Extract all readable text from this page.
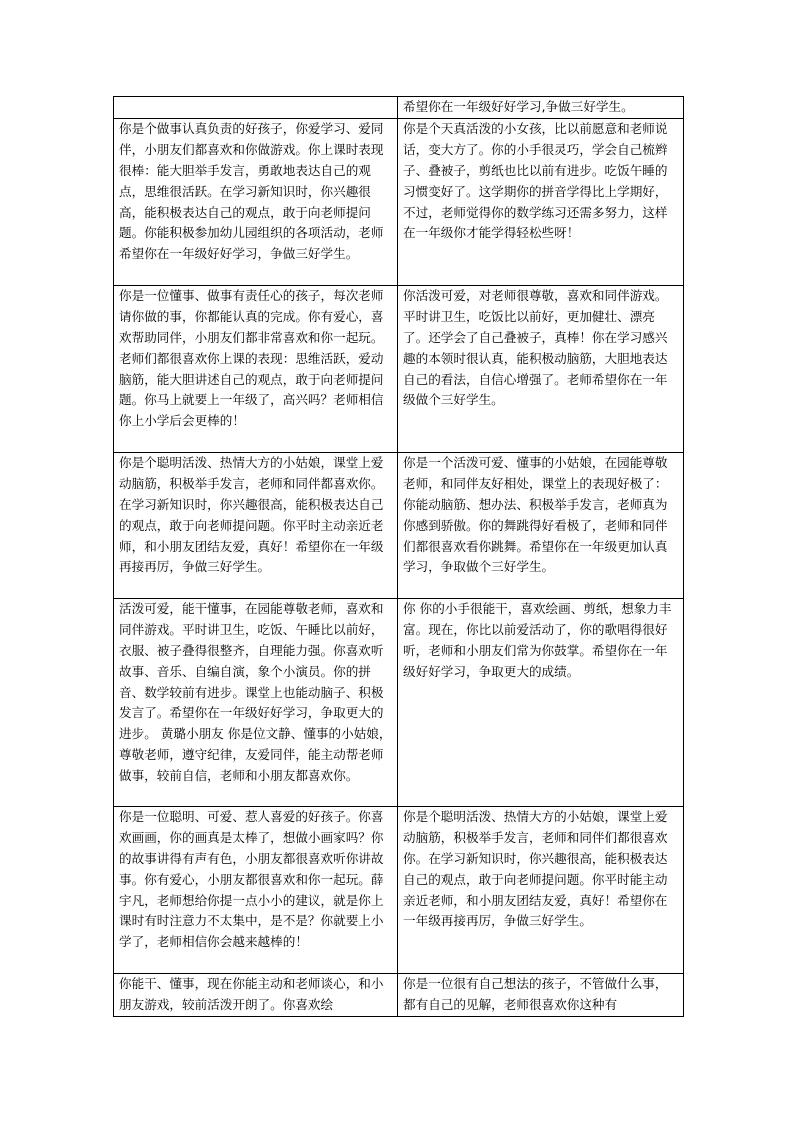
	希望你在一年级好好学习,争做三好学生。

你是个做事认真负责的好孩子，你爱学习、爱同伴，小朋友们都喜欢和你做游戏。你上课时表现很棒：能大胆举手发言，勇敢地表达自己的观点，思维很活跃。在学习新知识时，你兴趣很高，能积极表达自己的观点，敢于向老师提问题。你能积极参加幼儿园组织的各项活动，老师希望你在一年级好好学习，争做三好学生。	你是个天真活泼的小女孩，比以前愿意和老师说话，变大方了。你的小手很灵巧，学会自己梳辫子、叠被子，剪纸也比以前有进步。吃饭午睡的习惯变好了。这学期你的拼音学得比上学期好，不过，老师觉得你的数学练习还需多努力，这样在一年级你才能学得轻松些呀！

你是一位懂事、做事有责任心的孩子，每次老师请你做的事，你都能认真的完成。你有爱心，喜欢帮助同伴，小朋友们都非常喜欢和你一起玩。老师们都很喜欢你上课的表现：思维活跃，爱动脑筋，能大胆讲述自己的观点，敢于向老师提问题。你马上就要上一年级了，高兴吗？老师相信你上小学后会更棒的！	你活泼可爱，对老师很尊敬，喜欢和同伴游戏。平时讲卫生，吃饭比以前好，更加健壮、漂亮了。还学会了自己叠被子，真棒！你在学习感兴趣的本领时很认真，能积极动脑筋，大胆地表达自己的看法，自信心增强了。老师希望你在一年级做个三好学生。

你是个聪明活泼、热情大方的小姑娘，课堂上爱动脑筋，积极举手发言，老师和同伴都喜欢你。在学习新知识时，你兴趣很高，能积极表达自己的观点，敢于向老师提问题。你平时主动亲近老师，和小朋友团结友爱，真好！希望你在一年级再接再厉，争做三好学生。	你是一个活泼可爱、懂事的小姑娘，在园能尊敬老师，和同伴友好相处，课堂上的表现好极了：你能动脑筋、想办法、积极举手发言，老师真为你感到骄傲。你的舞跳得好看极了，老师和同伴们都很喜欢看你跳舞。希望你在一年级更加认真学习，争取做个三好学生。

活泼可爱，能干懂事，在园能尊敬老师，喜欢和同伴游戏。平时讲卫生，吃饭、午睡比以前好，衣服、被子叠得很整齐，自理能力强。你喜欢听故事、音乐、自编自演，象个小演员。你的拼音、数学较前有进步。课堂上也能动脑子、积极发言了。希望你在一年级好好学习，争取更大的进步。 黄璐小朋友 你是位文静、懂事的小姑娘，尊敬老师，遵守纪律，友爱同伴，能主动帮老师做事，较前自信，老师和小朋友都喜欢你。	你 你的小手很能干，喜欢绘画、剪纸，想象力丰富。现在，你比以前爱活动了，你的歌唱得很好听，老师和小朋友们常为你鼓掌。希望你在一年级好好学习，争取更大的成绩。

你是一位聪明、可爱、惹人喜爱的好孩子。你喜欢画画，你的画真是太棒了，想做小画家吗？你的故事讲得有声有色，小朋友都很喜欢听你讲故事。你有爱心，小朋友都很喜欢和你一起玩。薛宇凡，老师想给你提一点小小的建议，就是你上课时有时注意力不太集中，是不是？你就要上小学了，老师相信你会越来越棒的！	你是个聪明活泼、热情大方的小姑娘，课堂上爱动脑筋，积极举手发言，老师和同伴们都很喜欢你。在学习新知识时，你兴趣很高，能积极表达自己的观点，敢于向老师提问题。你平时能主动亲近老师，和小朋友团结友爱，真好！希望你在一年级再接再厉，争做三好学生。

你能干、懂事，现在你能主动和老师谈心，和小朋友游戏，较前活泼开朗了。你喜欢绘	你是一位很有自己想法的孩子，不管做什么事，都有自己的见解，老师很喜欢你这种有
